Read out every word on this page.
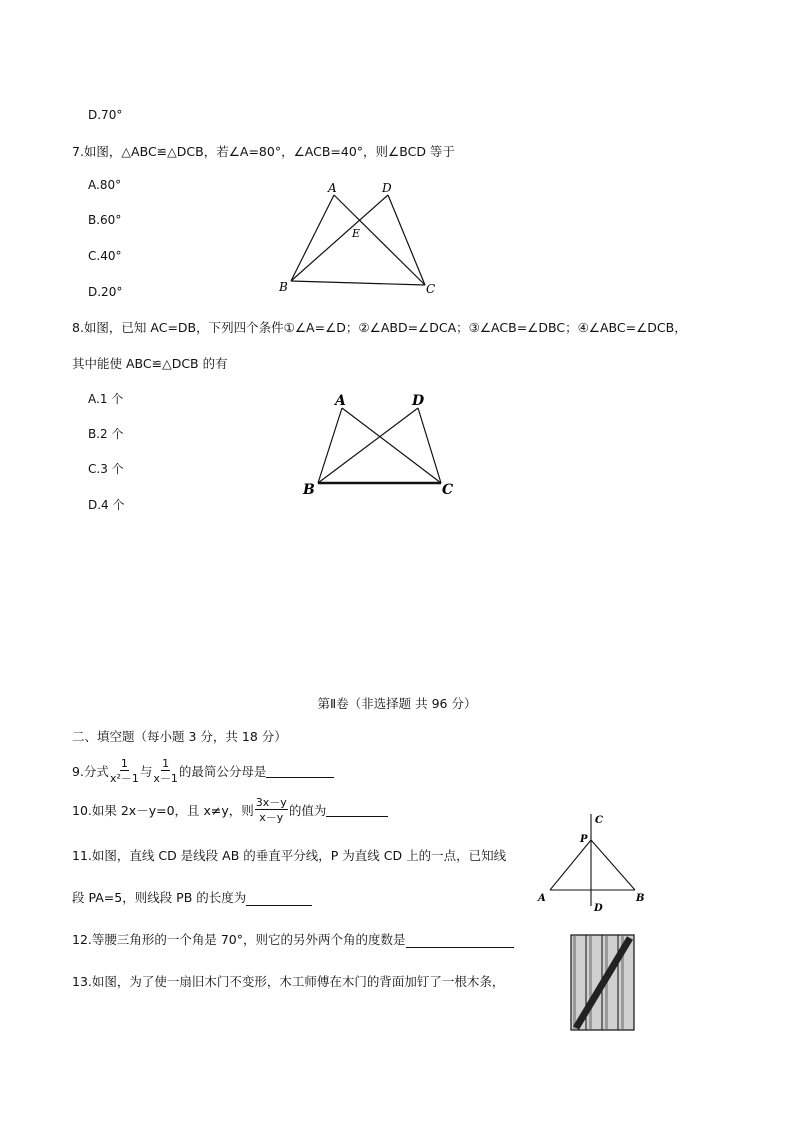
D.70°
7.如图，△ABC≌△DCB，若∠A=80°，∠ACB=40°，则∠BCD 等于
A.80°
B.60°
C.40°
D.20°
A	D
E
B	C
8.如图，已知 AC=DB，下列四个条件①∠A=∠D；②∠ABD=∠DCA；③∠ACB=∠DBC；④∠ABC=∠DCB，
其中能使 ABC≌△DCB 的有
A.1 个
B.2 个
C.3 个
D.4 个
A	D
B	C
第Ⅱ卷（非选择题 共 96 分）
二、填空题（每小题 3 分，共 18 分）
9.分式 $\frac{1}{\text{x²－1}}$ 与 $\frac{1}{x-1}$ 的最简公分母是
10.如果 2x－y=0，且 x≠y，则 $\frac{3x-y}{x-y}$ 的值为
11.如图，直线 CD 是线段 AB 的垂直平分线，P 为直线 CD 上的一点，已知线
段 PA=5，则线段 PB 的长度为
C
P
A	B
D
12.等腰三角形的一个角是 70°，则它的另外两个角的度数是
13.如图，为了使一扇旧木门不变形，木工师傅在木门的背面加钉了一根木条，
